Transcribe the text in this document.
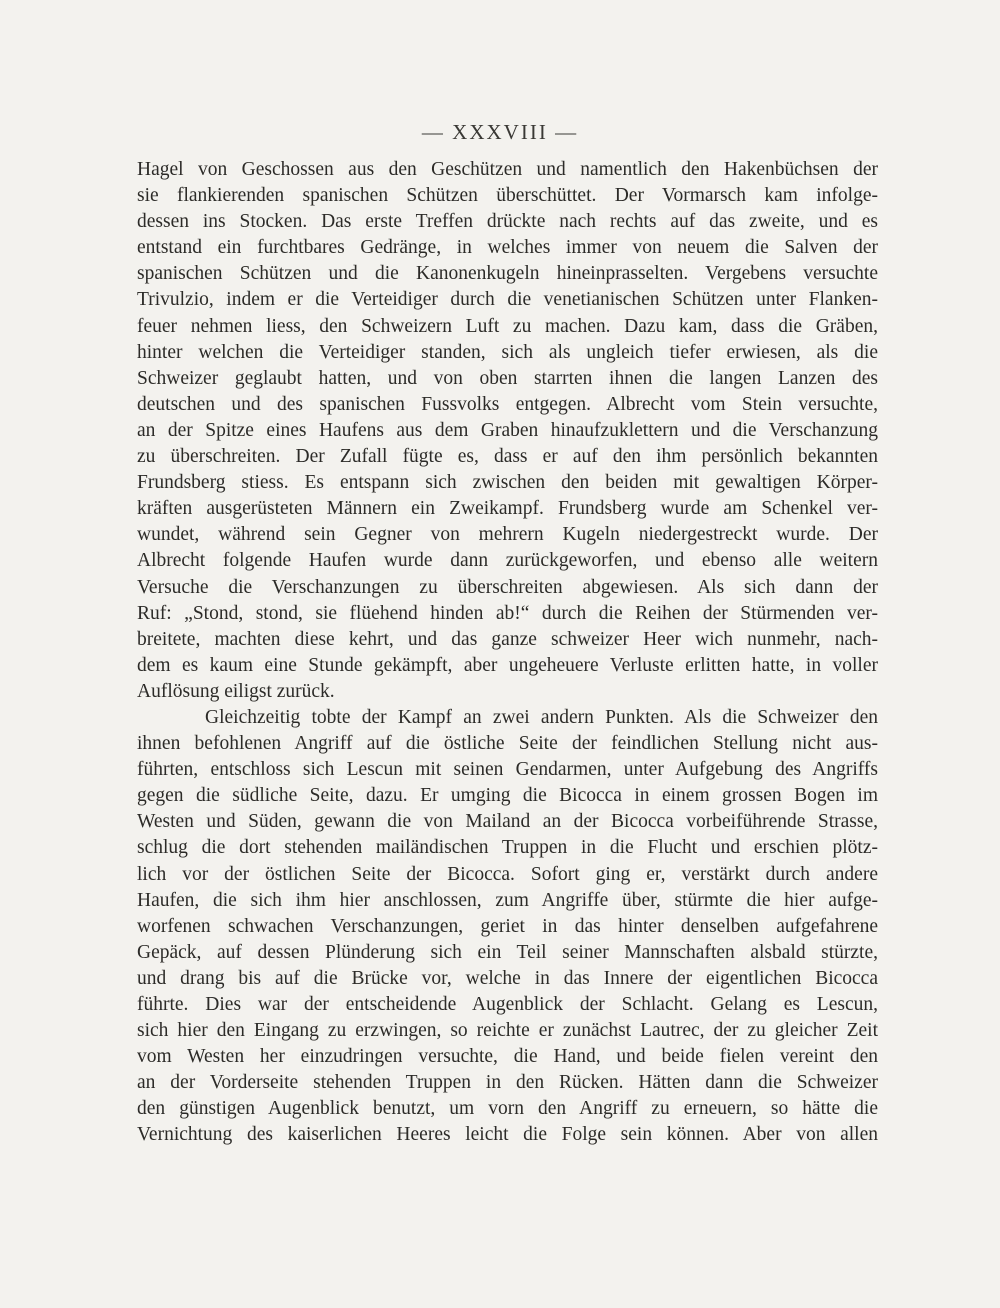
— XXXVIII —
Hagel von Geschossen aus den Geschützen und namentlich den Hakenbüchsen der
sie flankierenden spanischen Schützen überschüttet. Der Vormarsch kam infolge-
dessen ins Stocken. Das erste Treffen drückte nach rechts auf das zweite, und es
entstand ein furchtbares Gedränge, in welches immer von neuem die Salven der
spanischen Schützen und die Kanonenkugeln hineinprasselten. Vergebens versuchte
Trivulzio, indem er die Verteidiger durch die venetianischen Schützen unter Flanken-
feuer nehmen liess, den Schweizern Luft zu machen. Dazu kam, dass die Gräben,
hinter welchen die Verteidiger standen, sich als ungleich tiefer erwiesen, als die
Schweizer geglaubt hatten, und von oben starrten ihnen die langen Lanzen des
deutschen und des spanischen Fussvolks entgegen. Albrecht vom Stein versuchte,
an der Spitze eines Haufens aus dem Graben hinaufzuklettern und die Verschanzung
zu überschreiten. Der Zufall fügte es, dass er auf den ihm persönlich bekannten
Frundsberg stiess. Es entspann sich zwischen den beiden mit gewaltigen Körper-
kräften ausgerüsteten Männern ein Zweikampf. Frundsberg wurde am Schenkel ver-
wundet, während sein Gegner von mehrern Kugeln niedergestreckt wurde. Der
Albrecht folgende Haufen wurde dann zurückgeworfen, und ebenso alle weitern
Versuche die Verschanzungen zu überschreiten abgewiesen. Als sich dann der
Ruf: „Stond, stond, sie flüehend hinden ab!“ durch die Reihen der Stürmenden ver-
breitete, machten diese kehrt, und das ganze schweizer Heer wich nunmehr, nach-
dem es kaum eine Stunde gekämpft, aber ungeheuere Verluste erlitten hatte, in voller
Auflösung eiligst zurück.
Gleichzeitig tobte der Kampf an zwei andern Punkten. Als die Schweizer den
ihnen befohlenen Angriff auf die östliche Seite der feindlichen Stellung nicht aus-
führten, entschloss sich Lescun mit seinen Gendarmen, unter Aufgebung des Angriffs
gegen die südliche Seite, dazu. Er umging die Bicocca in einem grossen Bogen im
Westen und Süden, gewann die von Mailand an der Bicocca vorbeiführende Strasse,
schlug die dort stehenden mailändischen Truppen in die Flucht und erschien plötz-
lich vor der östlichen Seite der Bicocca. Sofort ging er, verstärkt durch andere
Haufen, die sich ihm hier anschlossen, zum Angriffe über, stürmte die hier aufge-
worfenen schwachen Verschanzungen, geriet in das hinter denselben aufgefahrene
Gepäck, auf dessen Plünderung sich ein Teil seiner Mannschaften alsbald stürzte,
und drang bis auf die Brücke vor, welche in das Innere der eigentlichen Bicocca
führte. Dies war der entscheidende Augenblick der Schlacht. Gelang es Lescun,
sich hier den Eingang zu erzwingen, so reichte er zunächst Lautrec, der zu gleicher Zeit
vom Westen her einzudringen versuchte, die Hand, und beide fielen vereint den
an der Vorderseite stehenden Truppen in den Rücken. Hätten dann die Schweizer
den günstigen Augenblick benutzt, um vorn den Angriff zu erneuern, so hätte die
Vernichtung des kaiserlichen Heeres leicht die Folge sein können. Aber von allen
